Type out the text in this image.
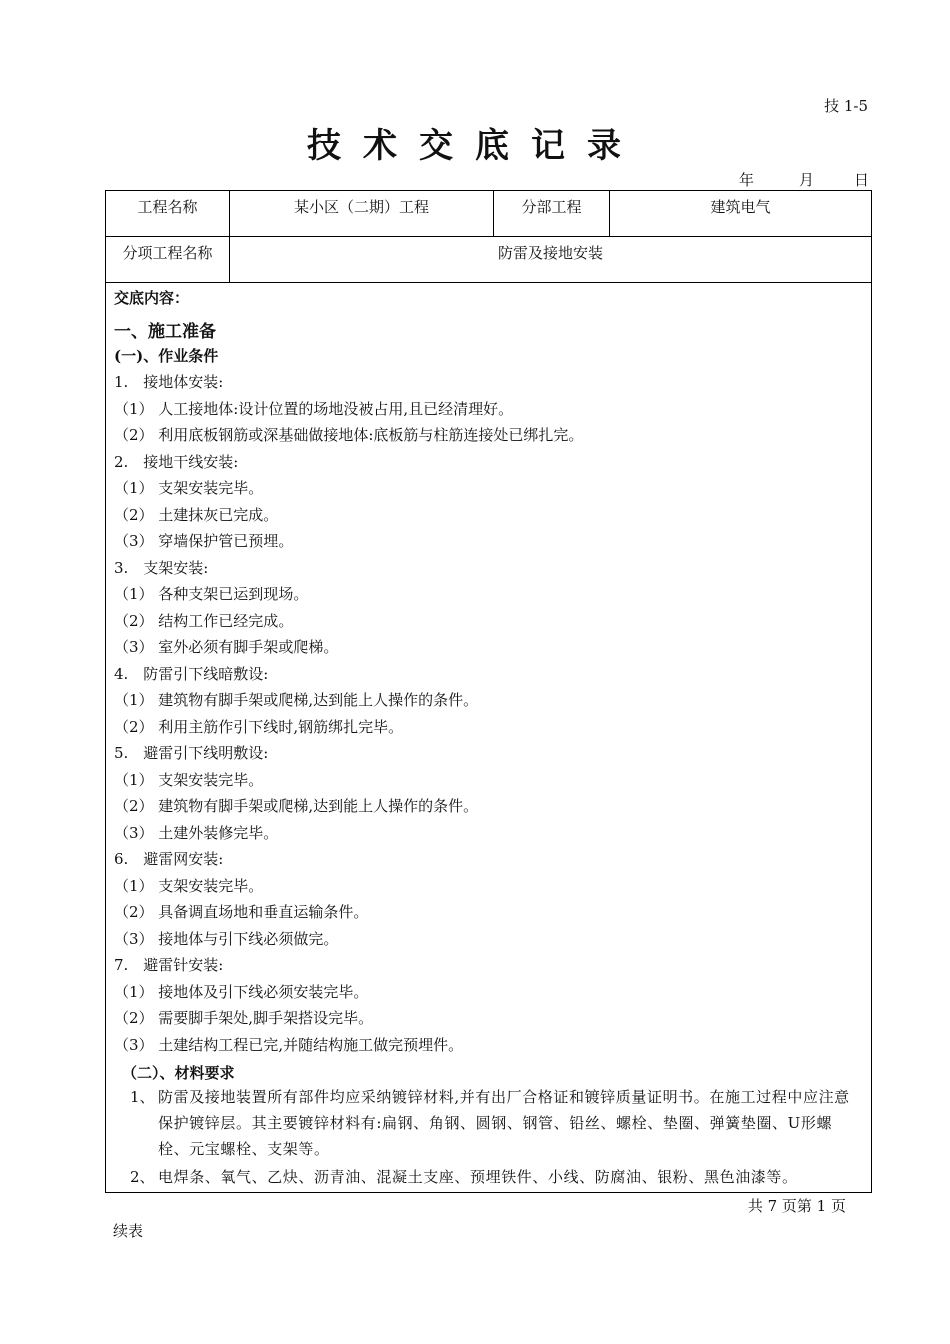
技 1-5
技术交底记录
年	月	日
工程名称	某小区（二期）工程	分部工程	建筑电气
分项工程名称	防雷及接地安装		
交底内容：
一、施工准备
(一)、作业条件
1.　接地体安装:
（1） 人工接地体:设计位置的场地没被占用,且已经清理好。
（2） 利用底板钢筋或深基础做接地体:底板筋与柱筋连接处已绑扎完。
2.　接地干线安装:
（1） 支架安装完毕。
（2） 土建抹灰已完成。
（3） 穿墙保护管已预埋。
3.　支架安装:
（1） 各种支架已运到现场。
（2） 结构工作已经完成。
（3） 室外必须有脚手架或爬梯。
4.　防雷引下线暗敷设:
（1） 建筑物有脚手架或爬梯,达到能上人操作的条件。
（2） 利用主筋作引下线时,钢筋绑扎完毕。
5.　避雷引下线明敷设:
（1） 支架安装完毕。
（2） 建筑物有脚手架或爬梯,达到能上人操作的条件。
（3） 土建外装修完毕。
6.　避雷网安装:
（1） 支架安装完毕。
（2） 具备调直场地和垂直运输条件。
（3） 接地体与引下线必须做完。
7.　避雷针安装:
（1） 接地体及引下线必须安装完毕。
（2） 需要脚手架处,脚手架搭设完毕。
（3） 土建结构工程已完,并随结构施工做完预埋件。
（二）、材料要求
1、 防雷及接地装置所有部件均应采纳镀锌材料,并有出厂合格证和镀锌质量证明书。在施工过程中应注意保护镀锌层。其主要镀锌材料有:扁钢、角钢、圆钢、钢管、铅丝、螺栓、垫圈、弹簧垫圈、U形螺栓、元宝螺栓、支架等。
2、 电焊条、氧气、乙炔、沥青油、混凝土支座、预埋铁件、小线、防腐油、银粉、黑色油漆等。
共 7 页第 1 页
续表
